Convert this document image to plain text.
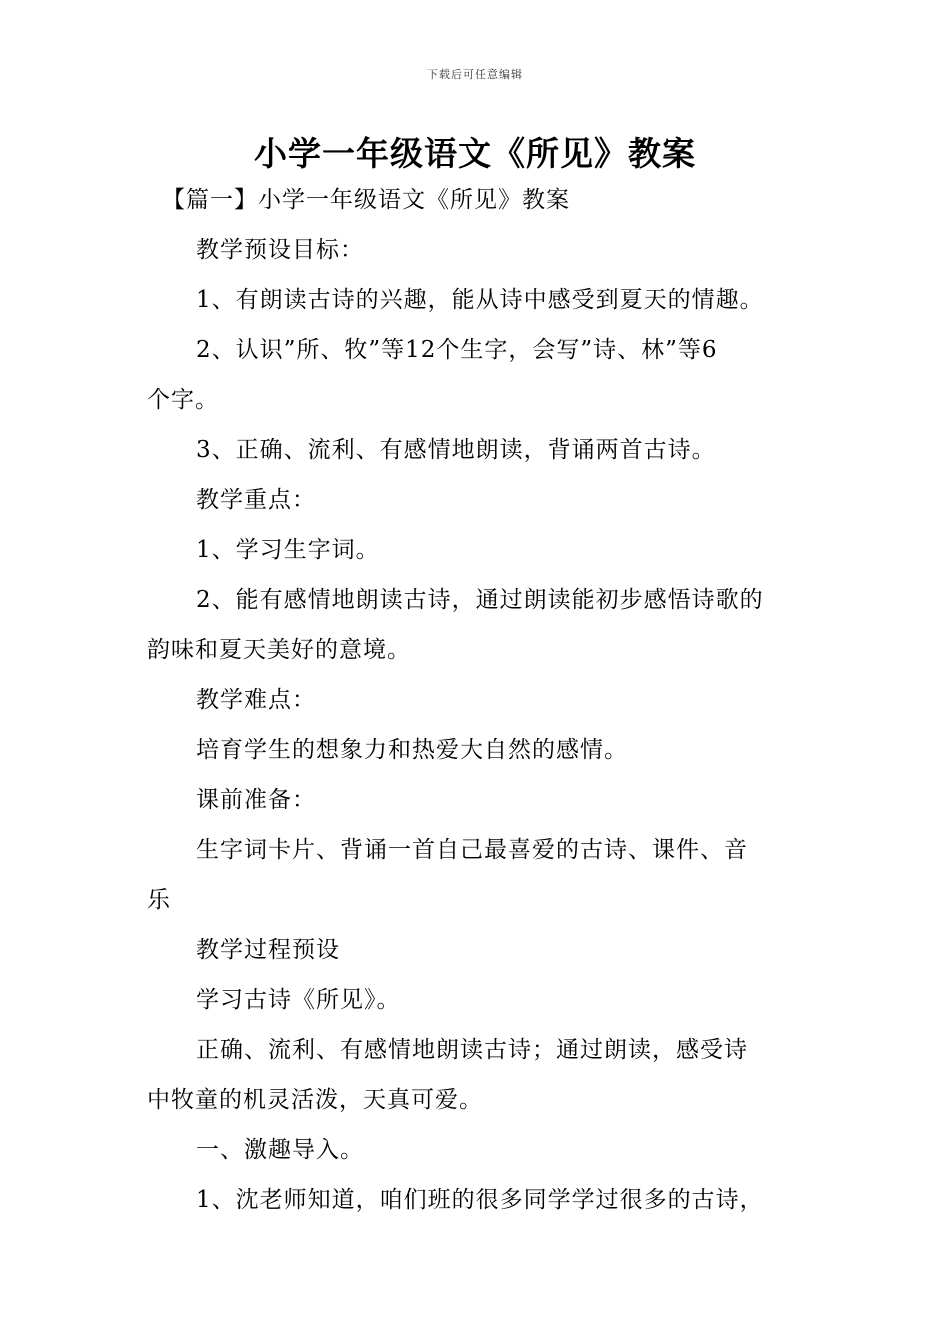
下载后可任意编辑
小学一年级语文《所见》教案
【篇一】小学一年级语文《所见》教案
教学预设目标：
1、有朗读古诗的兴趣，能从诗中感受到夏天的情趣。
2、认识”所、牧”等12个生字，会写”诗、林”等6
个字。
3、正确、流利、有感情地朗读，背诵两首古诗。
教学重点：
1、学习生字词。
2、能有感情地朗读古诗，通过朗读能初步感悟诗歌的
韵味和夏天美好的意境。
教学难点：
培育学生的想象力和热爱大自然的感情。
课前准备：
生字词卡片、背诵一首自己最喜爱的古诗、课件、音
乐
教学过程预设
学习古诗《所见》。
正确、流利、有感情地朗读古诗；通过朗读，感受诗
中牧童的机灵活泼，天真可爱。
一、激趣导入。
1、沈老师知道，咱们班的很多同学学过很多的古诗，
